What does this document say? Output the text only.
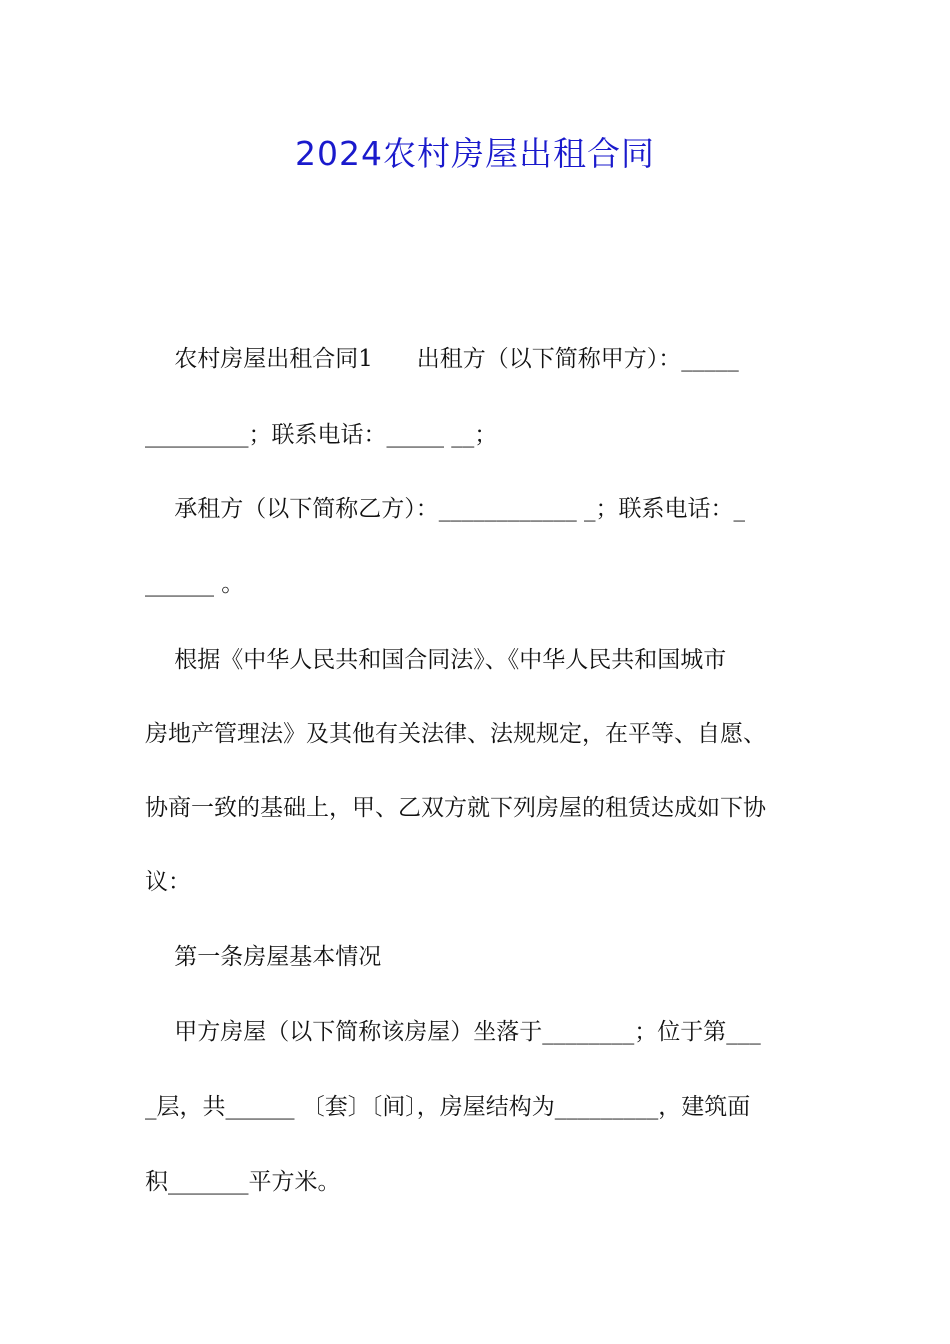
2024农村房屋出租合同
农村房屋出租合同1      出租方（以下简称甲方）：_____
_________；联系电话：_____ __；
承租方（以下简称乙方）：____________ _；联系电话：_
______ 。
根据《中华人民共和国合同法》、《中华人民共和国城市
房地产管理法》及其他有关法律、法规规定，在平等、自愿、
协商一致的基础上，甲、乙双方就下列房屋的租赁达成如下协
议：
第一条房屋基本情况
甲方房屋（以下简称该房屋）坐落于________；位于第___
_层，共______ 〔套〕〔间〕，房屋结构为_________，建筑面
积_______平方米。
